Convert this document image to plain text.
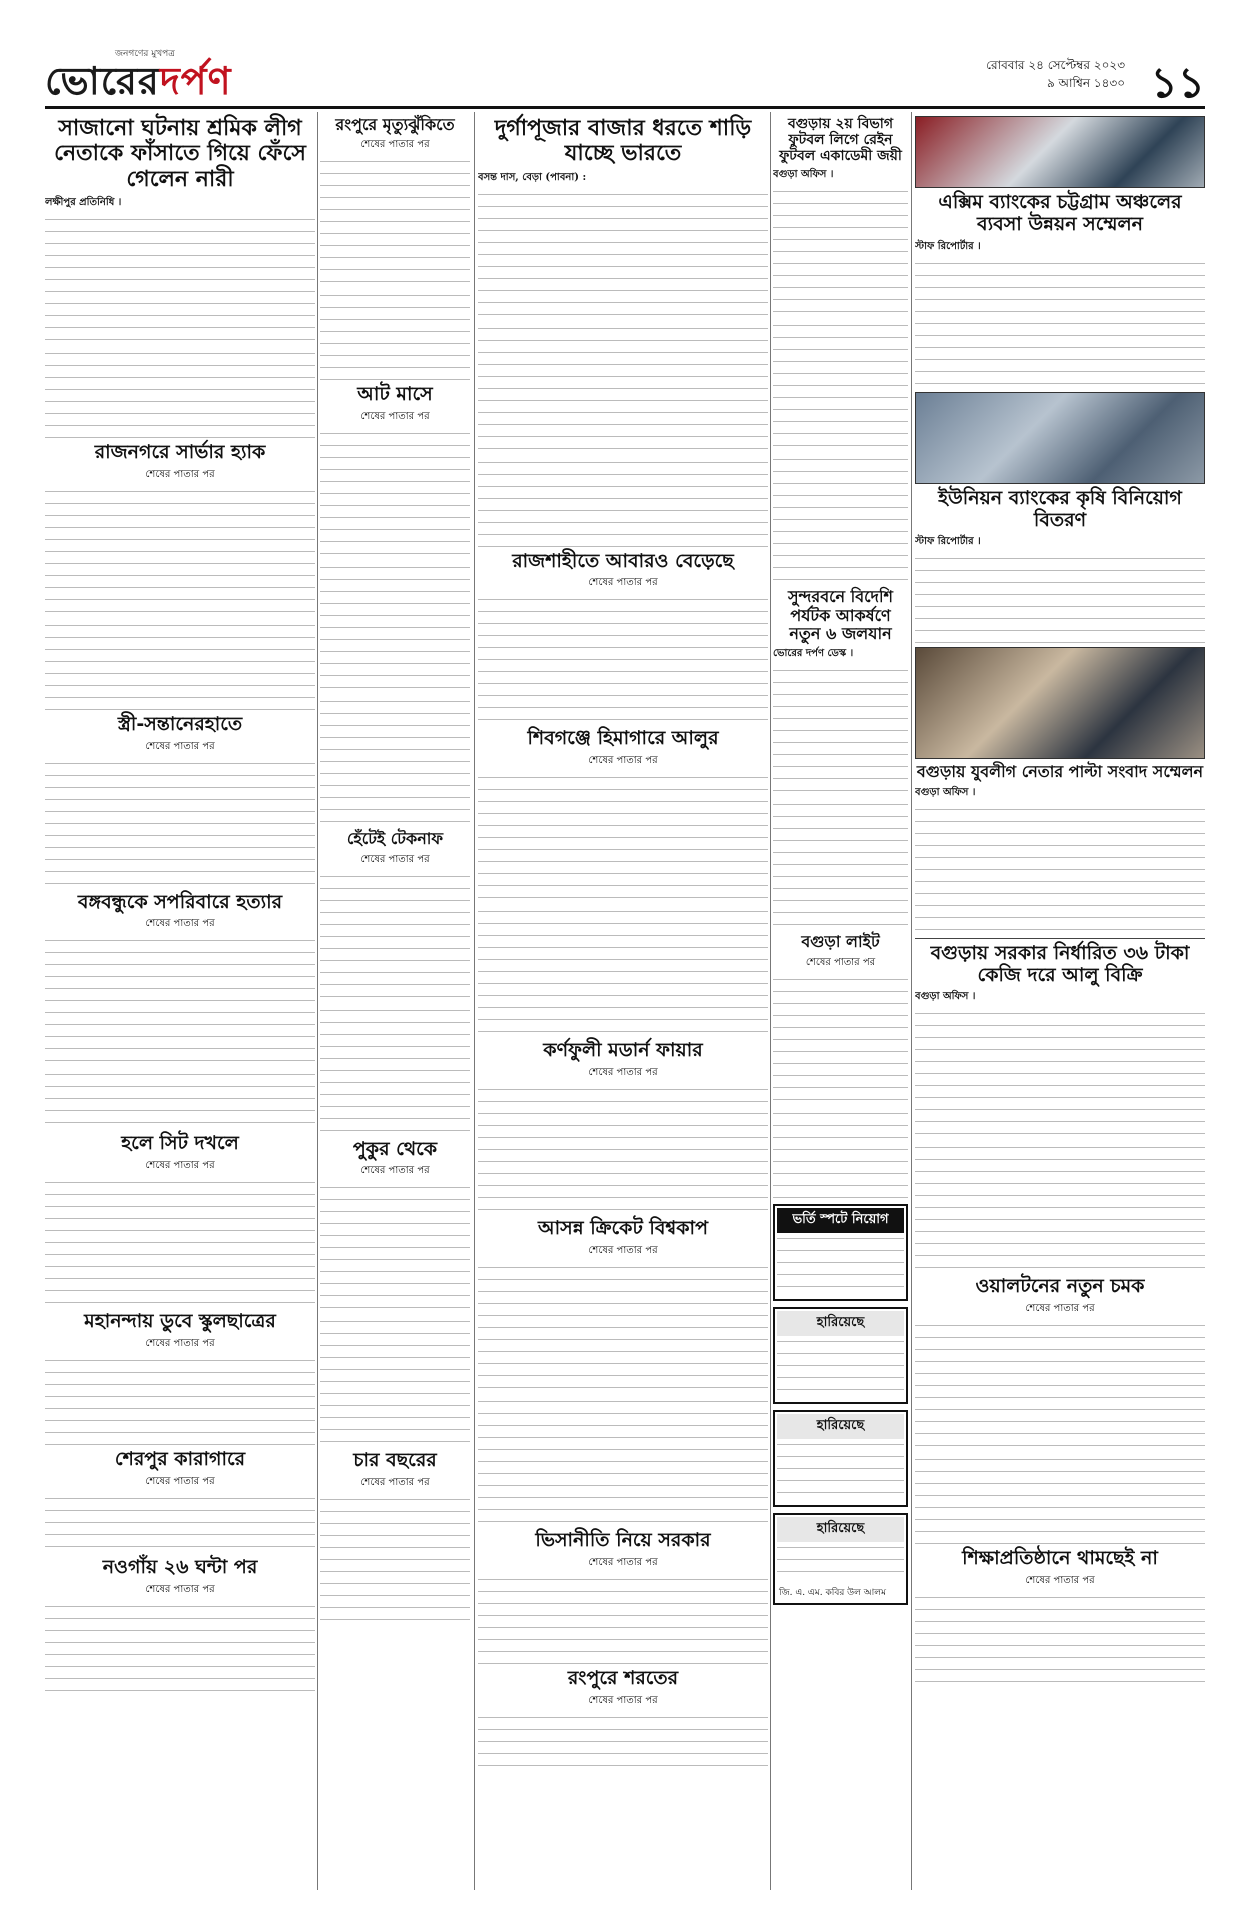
জনগণের মুখপত্র
ভোরেরদর্পণ	রোববার ২৪ সেপ্টেম্বর ২০২৩
৯ আশ্বিন ১৪৩০ ১১
সাজানো ঘটনায় শ্রমিক লীগ নেতাকে ফাঁসাতে গিয়ে ফেঁসে গেলেন নারী
লক্ষীপুর প্রতিনিধি ।
রাজনগরে সার্ভার হ্যাক
শেষের পাতার পর
স্ত্রী-সন্তানেরহাতে
শেষের পাতার পর
বঙ্গবন্ধুকে সপরিবারে হত্যার
শেষের পাতার পর
হলে সিট দখলে
শেষের পাতার পর
মহানন্দায় ডুবে স্কুলছাত্রের
শেষের পাতার পর
শেরপুর কারাগারে
শেষের পাতার পর
নওগাঁয় ২৬ ঘন্টা পর
শেষের পাতার পর
রংপুরে মৃত্যুঝুঁকিতে
শেষের পাতার পর
আট মাসে
শেষের পাতার পর
হেঁটেই টেকনাফ
শেষের পাতার পর
পুকুর থেকে
শেষের পাতার পর
চার বছরের
শেষের পাতার পর
দুর্গাপূজার বাজার ধরতে শাড়ি যাচ্ছে ভারতে
বসন্ত দাস, বেড়া (পাবনা) :
রাজশাহীতে আবারও বেড়েছে
শেষের পাতার পর
শিবগঞ্জে হিমাগারে আলুর
শেষের পাতার পর
কর্ণফুলী মডার্ন ফায়ার
শেষের পাতার পর
আসন্ন ক্রিকেট বিশ্বকাপ
শেষের পাতার পর
ভিসানীতি নিয়ে সরকার
শেষের পাতার পর
রংপুরে শরতের
শেষের পাতার পর
বগুড়ায় ২য় বিভাগ ফুটবল লিগে রেইন ফুটবল একাডেমী জয়ী
বগুড়া অফিস ।
সুন্দরবনে বিদেশি পর্যটক আকর্ষণে নতুন ৬ জলযান
ভোরের দর্পণ ডেস্ক ।
বগুড়া লাইট
শেষের পাতার পর
ভর্তি স্পটে নিয়োগ
হারিয়েছে
হারিয়েছে
হারিয়েছে
জি. এ. এম. কবির উল আলম
এক্সিম ব্যাংকের চট্টগ্রাম অঞ্চলের ব্যবসা উন্নয়ন সম্মেলন
স্টাফ রিপোর্টার ।
ইউনিয়ন ব্যাংকের কৃষি বিনিয়োগ বিতরণ
স্টাফ রিপোর্টার ।
বগুড়ায় যুবলীগ নেতার পাল্টা সংবাদ সম্মেলন
বগুড়া অফিস ।
বগুড়ায় সরকার নির্ধারিত ৩৬ টাকা কেজি দরে আলু বিক্রি
বগুড়া অফিস ।
ওয়ালটনের নতুন চমক
শেষের পাতার পর
শিক্ষাপ্রতিষ্ঠানে থামছেই না
শেষের পাতার পর
